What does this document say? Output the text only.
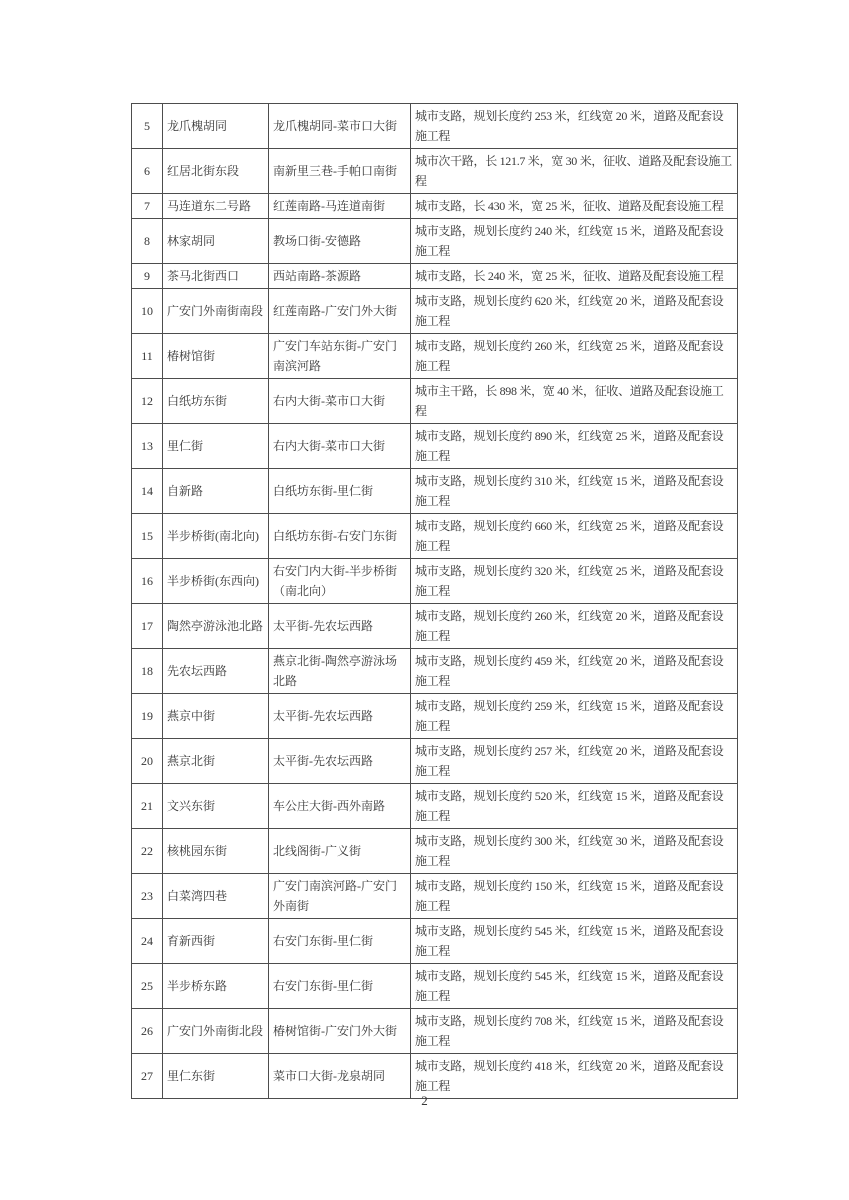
5	龙爪槐胡同	龙爪槐胡同-菜市口大街	城市支路，规划长度约 253 米，红线宽 20 米，道路及配套设施工程
6	红居北街东段	南新里三巷-手帕口南街	城市次干路，长 121.7 米，宽 30 米，征收、道路及配套设施工程
7	马连道东二号路	红莲南路-马连道南街	城市支路，长 430 米，宽 25 米，征收、道路及配套设施工程
8	林家胡同	教场口街-安德路	城市支路，规划长度约 240 米，红线宽 15 米，道路及配套设施工程
9	茶马北街西口	西站南路-茶源路	城市支路，长 240 米，宽 25 米，征收、道路及配套设施工程
10	广安门外南街南段	红莲南路-广安门外大街	城市支路，规划长度约 620 米，红线宽 20 米，道路及配套设施工程
11	椿树馆街	广安门车站东街-广安门南滨河路	城市支路，规划长度约 260 米，红线宽 25 米，道路及配套设施工程
12	白纸坊东街	右内大街-菜市口大街	城市主干路，长 898 米，宽 40 米，征收、道路及配套设施工程
13	里仁街	右内大街-菜市口大街	城市支路，规划长度约 890 米，红线宽 25 米，道路及配套设施工程
14	自新路	白纸坊东街-里仁街	城市支路，规划长度约 310 米，红线宽 15 米，道路及配套设施工程
15	半步桥街(南北向)	白纸坊东街-右安门东街	城市支路，规划长度约 660 米，红线宽 25 米，道路及配套设施工程
16	半步桥街(东西向)	右安门内大街-半步桥街（南北向）	城市支路，规划长度约 320 米，红线宽 25 米，道路及配套设施工程
17	陶然亭游泳池北路	太平街-先农坛西路	城市支路，规划长度约 260 米，红线宽 20 米，道路及配套设施工程
18	先农坛西路	燕京北街-陶然亭游泳场北路	城市支路，规划长度约 459 米，红线宽 20 米，道路及配套设施工程
19	燕京中街	太平街-先农坛西路	城市支路，规划长度约 259 米，红线宽 15 米，道路及配套设施工程
20	燕京北街	太平街-先农坛西路	城市支路，规划长度约 257 米，红线宽 20 米，道路及配套设施工程
21	文兴东街	车公庄大街-西外南路	城市支路，规划长度约 520 米，红线宽 15 米，道路及配套设施工程
22	核桃园东街	北线阁街-广义街	城市支路，规划长度约 300 米，红线宽 30 米，道路及配套设施工程
23	白菜湾四巷	广安门南滨河路-广安门外南街	城市支路，规划长度约 150 米，红线宽 15 米，道路及配套设施工程
24	育新西街	右安门东街-里仁街	城市支路，规划长度约 545 米，红线宽 15 米，道路及配套设施工程
25	半步桥东路	右安门东街-里仁街	城市支路，规划长度约 545 米，红线宽 15 米，道路及配套设施工程
26	广安门外南街北段	椿树馆街-广安门外大街	城市支路，规划长度约 708 米，红线宽 15 米，道路及配套设施工程
27	里仁东街	菜市口大街-龙泉胡同	城市支路，规划长度约 418 米，红线宽 20 米，道路及配套设施工程
2
